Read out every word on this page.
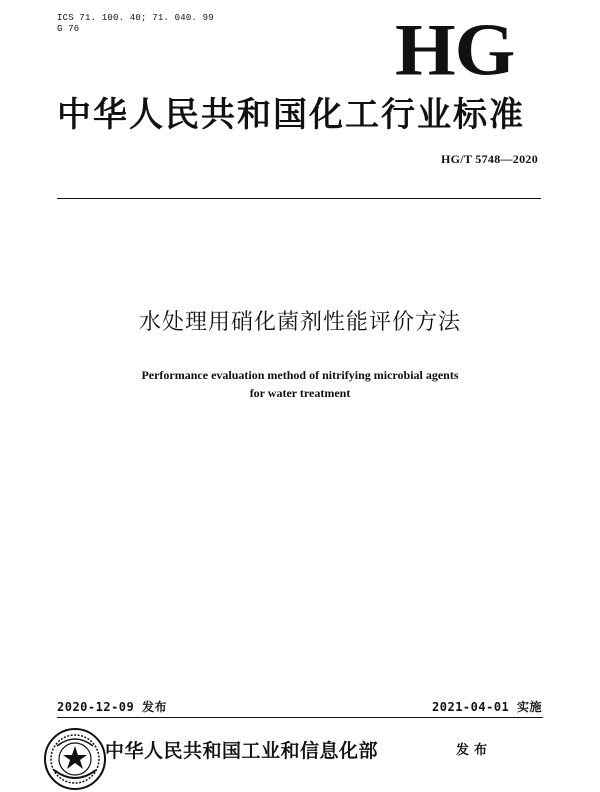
ICS 71. 100. 40; 71. 040. 99
G 76	HG
中华人民共和国化工行业标准
HG/T 5748—2020
水处理用硝化菌剂性能评价方法
Performance evaluation method of nitrifying microbial agents
for water treatment
2020-12-09 发布	2021-04-01 实施
中华人民共和国工业和信息化部	发布
